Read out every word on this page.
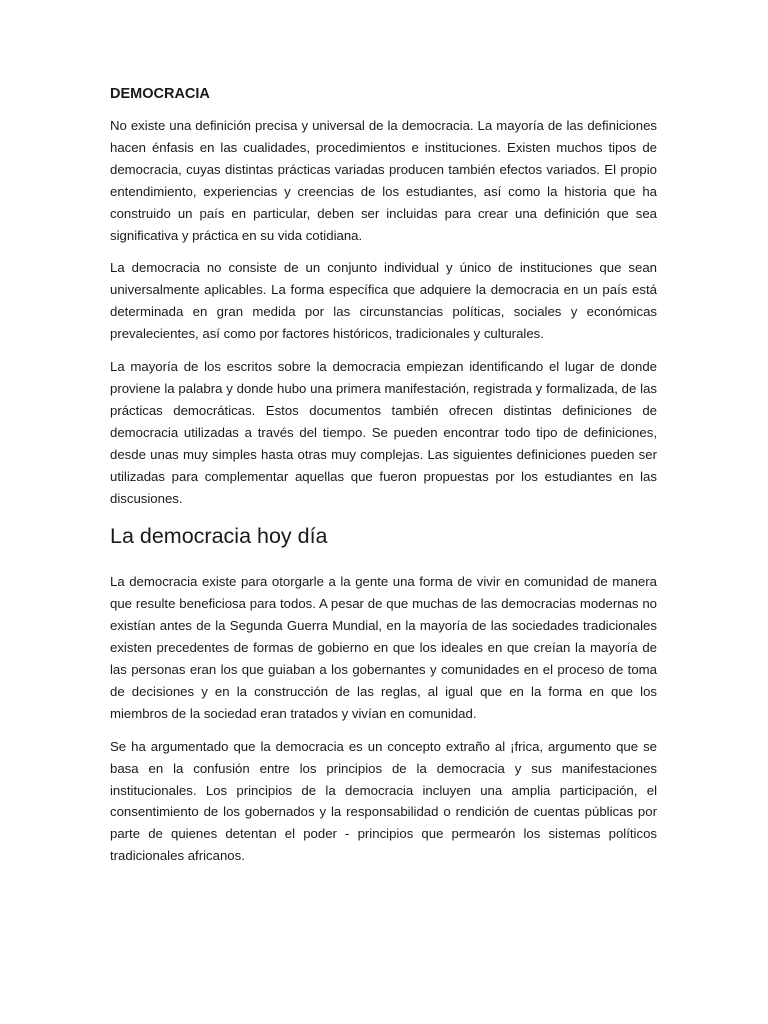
DEMOCRACIA

No existe una definición precisa y universal de la democracia. La mayoría de las definiciones hacen énfasis en las cualidades, procedimientos e instituciones. Existen muchos tipos de democracia, cuyas distintas prácticas variadas producen también efectos variados. El propio entendimiento, experiencias y creencias de los estudiantes, así como la historia que ha construido un país en particular, deben ser incluidas para crear una definición que sea significativa y práctica en su vida cotidiana.

La democracia no consiste de un conjunto individual y único de instituciones que sean universalmente aplicables. La forma específica que adquiere la democracia en un país está determinada en gran medida por las circunstancias políticas, sociales y económicas prevalecientes, así como por factores históricos, tradicionales y culturales.

La mayoría de los escritos sobre la democracia empiezan identificando el lugar de donde proviene la palabra y donde hubo una primera manifestación, registrada y formalizada, de las prácticas democráticas. Estos documentos también ofrecen distintas definiciones de democracia utilizadas a través del tiempo. Se pueden encontrar todo tipo de definiciones, desde unas muy simples hasta otras muy complejas. Las siguientes definiciones pueden ser utilizadas para complementar aquellas que fueron propuestas por los estudiantes en las discusiones.

La democracia hoy día

La democracia existe para otorgarle a la gente una forma de vivir en comunidad de manera que resulte beneficiosa para todos. A pesar de que muchas de las democracias modernas no existían antes de la Segunda Guerra Mundial, en la mayoría de las sociedades tradicionales existen precedentes de formas de gobierno en que los ideales en que creían la mayoría de las personas eran los que guiaban a los gobernantes y comunidades en el proceso de toma de decisiones y en la construcción de las reglas, al igual que en la forma en que los miembros de la sociedad eran tratados y vivían en comunidad.

Se ha argumentado que la democracia es un concepto extraño al ¡frica, argumento que se basa en la confusión entre los principios de la democracia y sus manifestaciones institucionales. Los principios de la democracia incluyen una amplia participación, el consentimiento de los gobernados y la responsabilidad o rendición de cuentas públicas por parte de quienes detentan el poder - principios que permearón los sistemas políticos tradicionales africanos.
